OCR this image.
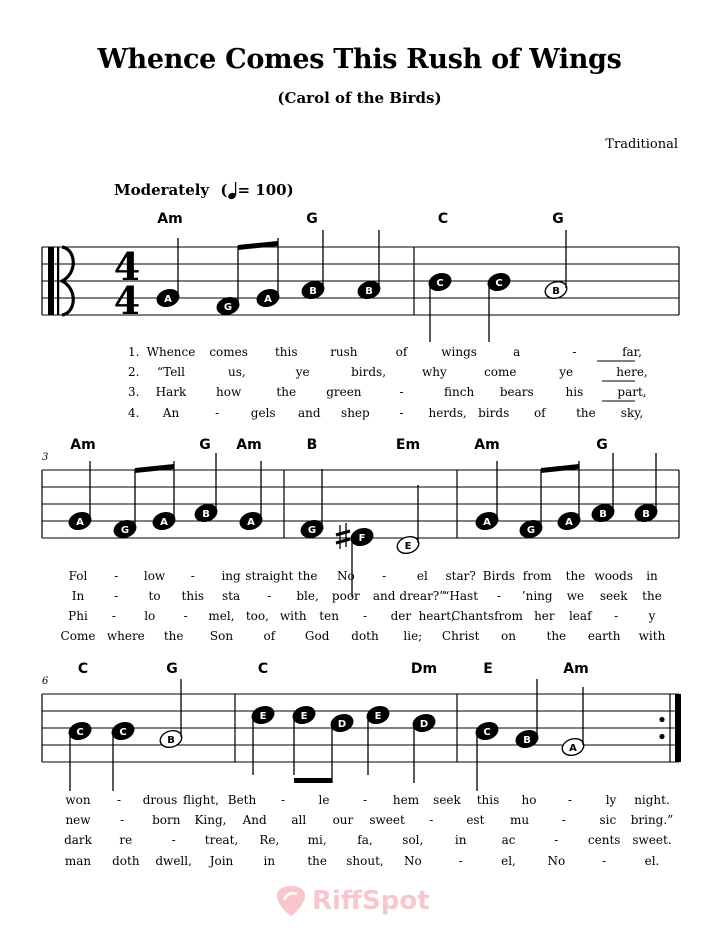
Whence Comes This Rush of Wings
(Carol of the Birds)
Traditional
Moderately ( = 100)
4
4 A
G
A
B	B
C	C
B
A
G
A
B
A
G
F
E
A
G
A
B	B
C	C
B
E	E
D
E
D
C
B
A
Am	G	C	G
1. Whence	comes	this	rush	of	wings	a	-	far,
2.	“Tell	us,	ye	birds,	why	come	ye	here,
3.	Hark	how	the	green	-	finch	bears	his	part,
4.	An	-	gels	and	shep	-	herds, birds	of	the	sky,
3
Am	G	Am	B	Em	Am	G
Fol	-	low	-	ing straight the	No	-	el	star? Birds from	the woods	in
In	-	to	this	sta	-	ble,	poor	and drear?”
“Hast	-	’ning	we	seek	the
Phi	-	lo	-	mel, too, with	ten	-	der heart,
Chants from her	leaf	-	y
Come where	the	Son	of	God	doth	lie;	Christ	on	the	earth	with
6
C	G	C	Dm	E	Am
won	-	drous flight, Beth	-	le	-	hem	seek	this	ho	-	ly	night.
new	-	born	King,	And	all	our	sweet	-	est	mu	-	sic	bring.”
dark	re	-	treat,	Re,	mi,	fa,	sol,	in	ac	-	cents sweet.
man	doth	dwell,	Join	in	the	shout,	No	-	el,	No	-	el.
RiffSpot
